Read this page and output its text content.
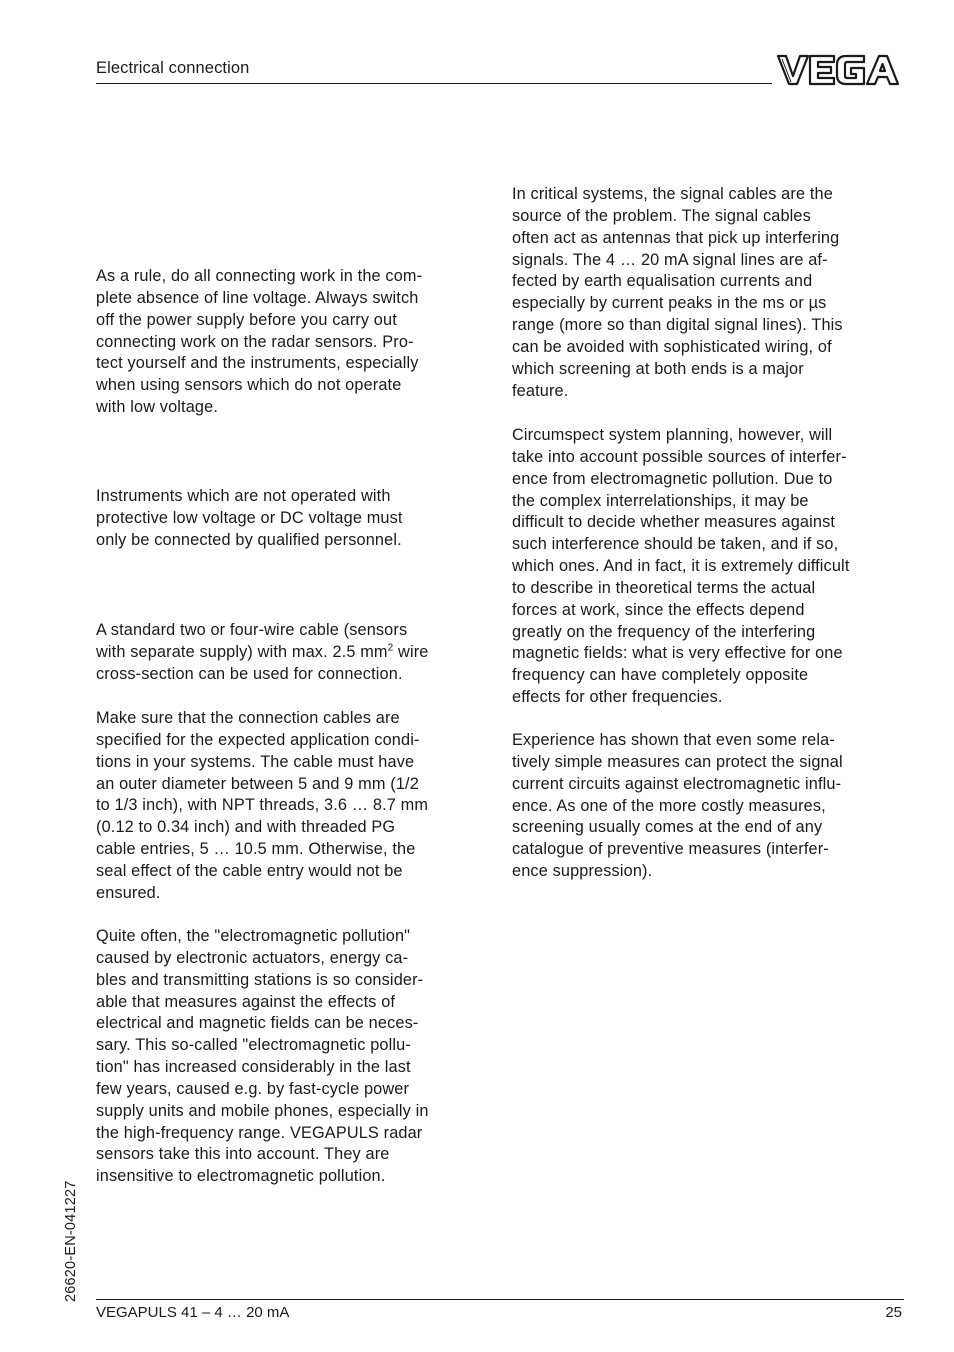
Electrical connection

As a rule, do all connecting work in the com-
plete absence of line voltage. Always switch
off the power supply before you carry out
connecting work on the radar sensors. Pro-
tect yourself and the instruments, especially
when using sensors which do not operate
with low voltage.

Instruments which are not operated with
protective low voltage or DC voltage must
only be connected by qualified personnel.

A standard two or four-wire cable (sensors
with separate supply) with max. 2.5 $mm^2$ wire
cross-section can be used for connection.

Make sure that the connection cables are
specified for the expected application condi-
tions in your systems. The cable must have
an outer diameter between 5 and 9 mm (1/2
to 1/3 inch), with NPT threads, 3.6 … 8.7 mm
(0.12 to 0.34 inch) and with threaded PG
cable entries, 5 … 10.5 mm. Otherwise, the
seal effect of the cable entry would not be
ensured.

Quite often, the "electromagnetic pollution"
caused by electronic actuators, energy ca-
bles and transmitting stations is so consider-
able that measures against the effects of
electrical and magnetic fields can be neces-
sary. This so-called "electromagnetic pollu-
tion" has increased considerably in the last
few years, caused e.g. by fast-cycle power
supply units and mobile phones, especially in
the high-frequency range. VEGAPULS radar
sensors take this into account. They are
insensitive to electromagnetic pollution.

In critical systems, the signal cables are the
source of the problem. The signal cables
often act as antennas that pick up interfering
signals. The 4 … 20 mA signal lines are af-
fected by earth equalisation currents and
especially by current peaks in the ms or µs
range (more so than digital signal lines). This
can be avoided with sophisticated wiring, of
which screening at both ends is a major
feature.

Circumspect system planning, however, will
take into account possible sources of interfer-
ence from electromagnetic pollution. Due to
the complex interrelationships, it may be
difficult to decide whether measures against
such interference should be taken, and if so,
which ones. And in fact, it is extremely difficult
to describe in theoretical terms the actual
forces at work, since the effects depend
greatly on the frequency of the interfering
magnetic fields: what is very effective for one
frequency can have completely opposite
effects for other frequencies.

Experience has shown that even some rela-
tively simple measures can protect the signal
current circuits against electromagnetic influ-
ence. As one of the more costly measures,
screening usually comes at the end of any
catalogue of preventive measures (interfer-
ence suppression).

26620-EN-041227
VEGAPULS 41 – 4 … 20 mA	25
